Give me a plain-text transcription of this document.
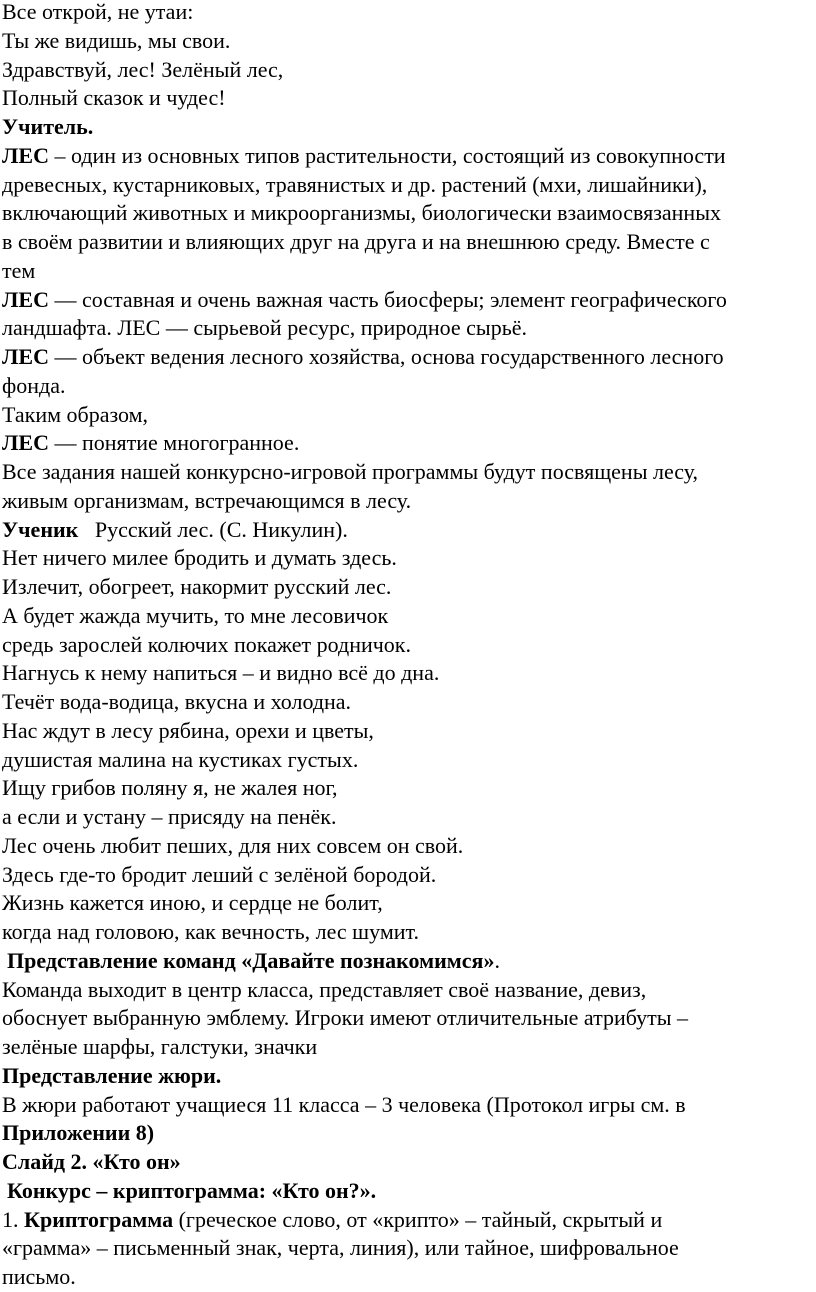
Все открой, не утаи:
Ты же видишь, мы свои.
Здравствуй, лес! Зелёный лес,
Полный сказок и чудес!
Учитель.
ЛЕС – один из основных типов растительности, состоящий из совокупности
древесных, кустарниковых, травянистых и др. растений (мхи, лишайники),
включающий животных и микроорганизмы, биологически взаимосвязанных
в своём развитии и влияющих друг на друга и на внешнюю среду. Вместе с
тем
ЛЕС — составная и очень важная часть биосферы; элемент географического
ландшафта. ЛЕС — сырьевой ресурс, природное сырьё.
ЛЕС — объект ведения лесного хозяйства, основа государственного лесного
фонда.
Таким образом,
ЛЕС — понятие многогранное.
Все задания нашей конкурсно-игровой программы будут посвящены лесу,
живым организмам, встречающимся в лесу.
Ученик   Русский лес. (С. Никулин).
Нет ничего милее бродить и думать здесь.
Излечит, обогреет, накормит русский лес.
А будет жажда мучить, то мне лесовичок
средь зарослей колючих покажет родничок.
Нагнусь к нему напиться – и видно всё до дна.
Течёт вода-водица, вкусна и холодна.
Нас ждут в лесу рябина, орехи и цветы,
душистая малина на кустиках густых.
Ищу грибов поляну я, не жалея ног,
а если и устану – присяду на пенёк.
Лес очень любит пеших, для них совсем он свой.
Здесь где-то бродит леший с зелёной бородой.
Жизнь кажется иною, и сердце не болит,
когда над головою, как вечность, лес шумит.
Представление команд «Давайте познакомимся».
Команда выходит в центр класса, представляет своё название, девиз,
обоснует выбранную эмблему. Игроки имеют отличительные атрибуты –
зелёные шарфы, галстуки, значки
Представление жюри.
В жюри работают учащиеся 11 класса – 3 человека (Протокол игры см. в
Приложении 8)
Слайд 2. «Кто он»
Конкурс – криптограмма: «Кто он?».
1. Криптограмма (греческое слово, от «крипто» – тайный, скрытый и
«грамма» – письменный знак, черта, линия), или тайное, шифровальное
письмо.
